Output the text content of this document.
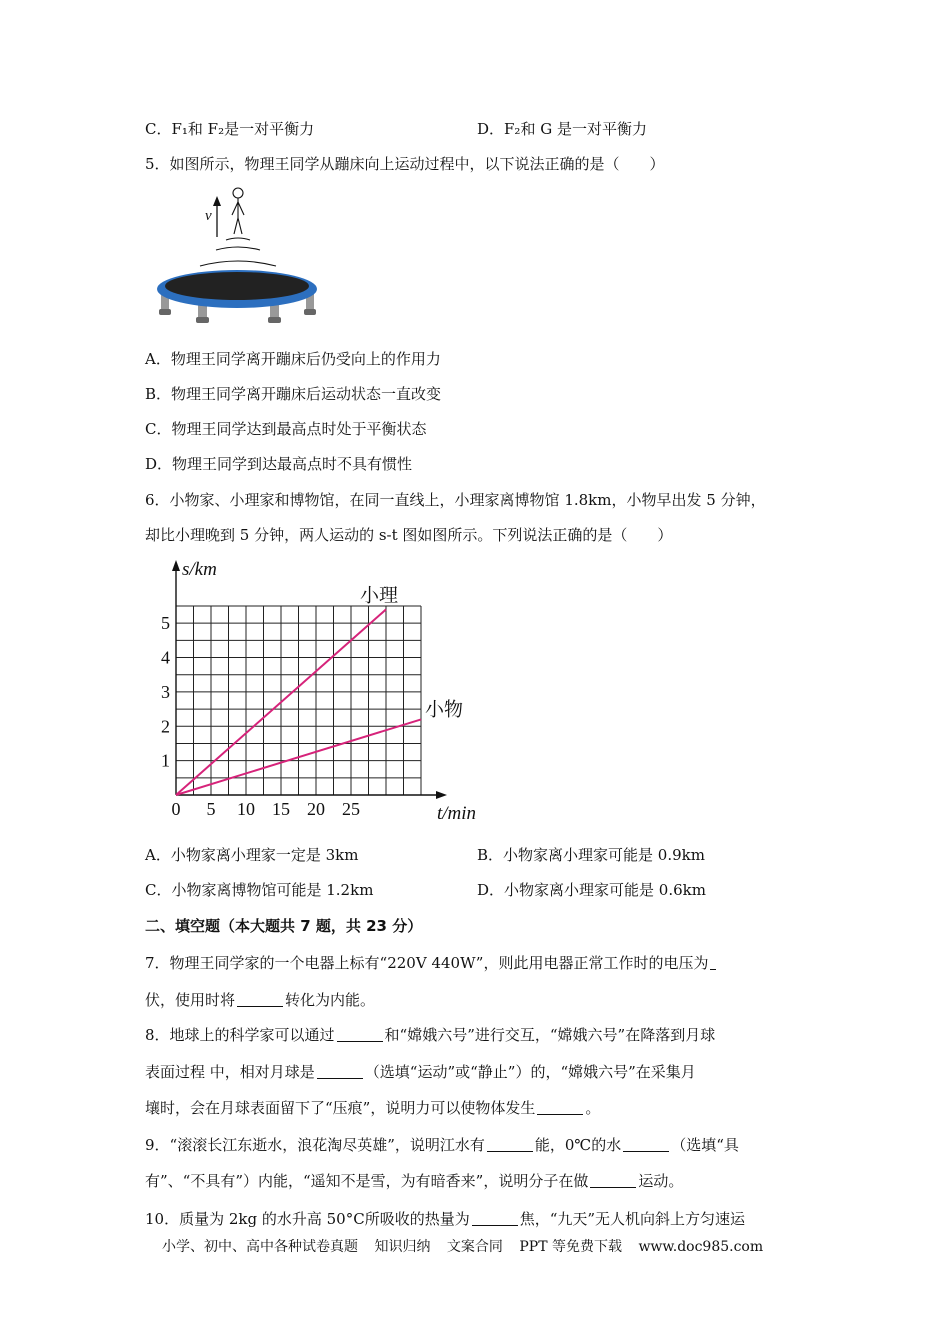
C．F₁和 F₂是一对平衡力	D．F₂和 G 是一对平衡力
5．如图所示，物理王同学从蹦床向上运动过程中，以下说法正确的是（　　）
v
A．物理王同学离开蹦床后仍受向上的作用力
B．物理王同学离开蹦床后运动状态一直改变
C．物理王同学达到最高点时处于平衡状态
D．物理王同学到达最高点时不具有惯性
6．小物家、小理家和博物馆，在同一直线上，小理家离博物馆 1.8km，小物早出发 5 分钟，
却比小理晚到 5 分钟，两人运动的 s-t 图如图所示。下列说法正确的是（　　）
0 5 10 15 20 25
1
2
3
4
5
s/km
t/min
小理
小物
A．小物家离小理家一定是 3km	B．小物家离小理家可能是 0.9km
C．小物家离博物馆可能是 1.2km	D．小物家离小理家可能是 0.6km
二、填空题（本大题共 7 题，共 23 分）
7．物理王同学家的一个电器上标有“220V 440W”，则此用电器正常工作时的电压为
伏，使用时将	转化为内能。
8．地球上的科学家可以通过	和“嫦娥六号”进行交互，“嫦娥六号”在降落到月球
表面过程 中，相对月球是	（选填“运动”或“静止”）的，“嫦娥六号”在采集月
壤时，会在月球表面留下了“压痕”，说明力可以使物体发生	。
9．“滚滚长江东逝水，浪花淘尽英雄”，说明江水有	能，0℃的水	（选填“具
有”、“不具有”）内能，“遥知不是雪，为有暗香来”，说明分子在做	运动。
10．质量为 2kg 的水升高 50°C所吸收的热量为	焦，“九天”无人机向斜上方匀速运
小学、初中、高中各种试卷真题 知识归纳 文案合同 PPT 等免费下载 www.doc985.com
